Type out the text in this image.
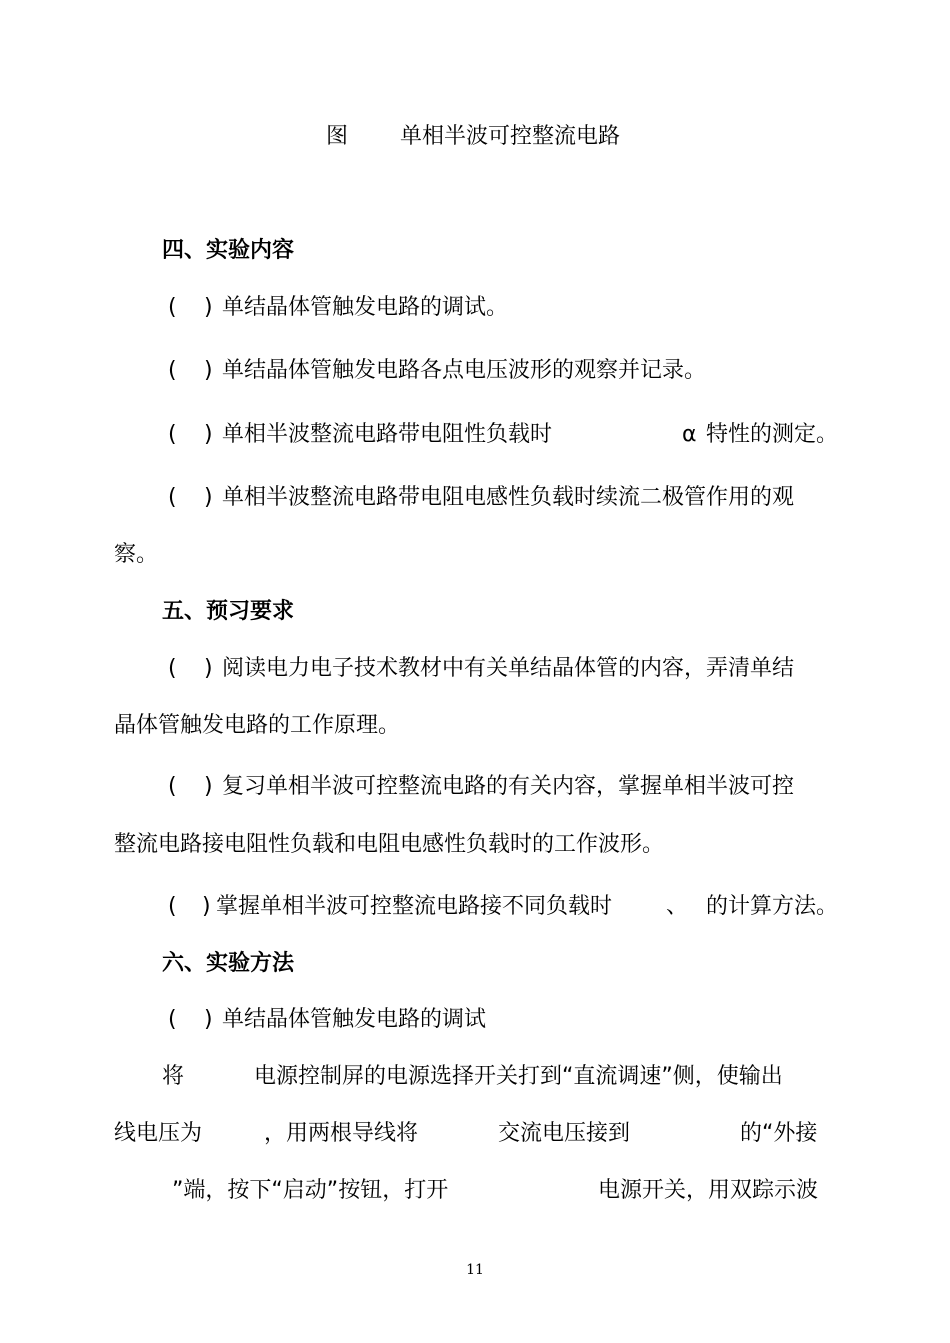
图 单相半波可控整流电路
四、实验内容
( ) 单结晶体管触发电路的调试。
( ) 单结晶体管触发电路各点电压波形的观察并记录。
( ) 单相半波整流电路带电阻性负载时	α 特性的测定。
( ) 单相半波整流电路带电阻电感性负载时续流二极管作用的观
察。
五、预习要求
( ) 阅读电力电子技术教材中有关单结晶体管的内容，弄清单结
晶体管触发电路的工作原理。
( ) 复习单相半波可控整流电路的有关内容，掌握单相半波可控
整流电路接电阻性负载和电阻电感性负载时的工作波形。
( ) 掌握单相半波可控整流电路接不同负载时 、 的计算方法。
六、实验方法
( ) 单结晶体管触发电路的调试
将	电源控制屏的电源选择开关打到“直流调速”侧，使输出
线电压为	，用两根导线将	交流电压接到	的“外接
”端，按下“启动”按钮，打开	电源开关，用双踪示波
11
